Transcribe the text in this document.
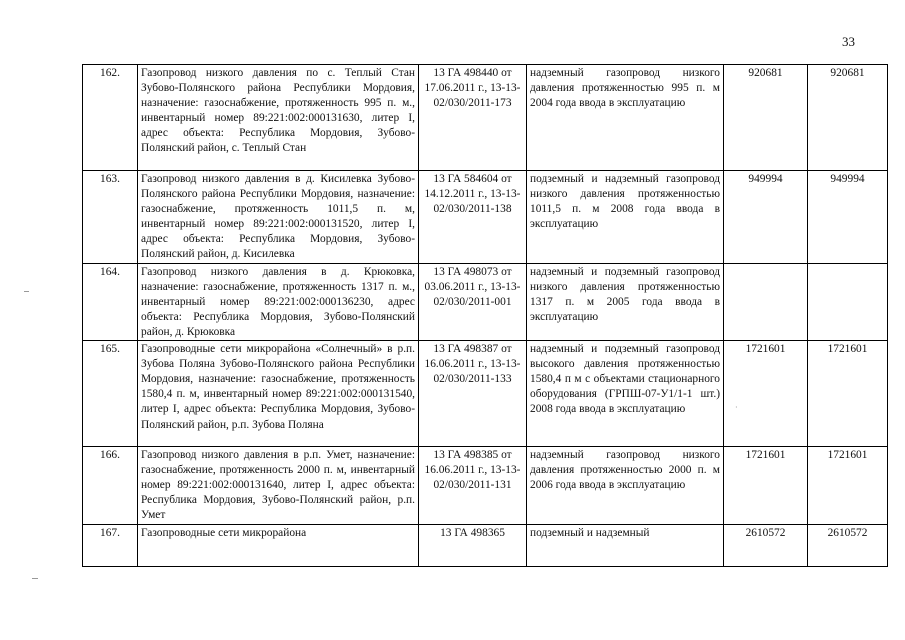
33
·
162.	Газопровод низкого давления по с. Теплый Стан Зубово-Полянского района Республики Мордовия, назначение: газоснабжение, протяженность 995 п. м., инвентарный номер 89:221:002:000131630, литер I, адрес объекта: Республика Мордовия, Зубово-Полянский район, с. Теплый Стан	13 ГА 498440 от 17.06.2011 г., 13-13-02/030/2011-173	надземный газопровод низкого давления протяженностью 995 п. м 2004 года ввода в эксплуатацию	920681	920681
163.	Газопровод низкого давления в д. Кисилевка Зубово-Полянского района Республики Мордовия, назначение: газоснабжение, протяженность 1011,5 п. м, инвентарный номер 89:221:002:000131520, литер I, адрес объекта: Республика Мордовия, Зубово-Полянский район, д. Кисилевка	13 ГА 584604 от 14.12.2011 г., 13-13-02/030/2011-138	подземный и надземный газопровод низкого давления протяженностью 1011,5 п. м 2008 года ввода в эксплуатацию	949994	949994
164.	Газопровод низкого давления в д. Крюковка, назначение: газоснабжение, протяженность 1317 п. м., инвентарный номер 89:221:002:000136230, адрес объекта: Республика Мордовия, Зубово-Полянский район, д. Крюковка	13 ГА 498073 от 03.06.2011 г., 13-13-02/030/2011-001	надземный и подземный газопровод низкого давления протяженностью 1317 п. м 2005 года ввода в эксплуатацию		
165.	Газопроводные сети микрорайона «Солнечный» в р.п. Зубова Поляна Зубово-Полянского района Республики Мордовия, назначение: газоснабжение, протяженность 1580,4 п. м, инвентарный номер 89:221:002:000131540, литер I, адрес объекта: Республика Мордовия, Зубово-Полянский район, р.п. Зубова Поляна	13 ГА 498387 от 16.06.2011 г., 13-13-02/030/2011-133	надземный и подземный газопровод высокого давления протяженностью 1580,4 п м с объектами стационарного оборудования (ГРПШ-07-У1/1-1 шт.) 2008 года ввода в эксплуатацию	1721601	1721601
166.	Газопровод низкого давления в р.п. Умет, назначение: газоснабжение, протяженность 2000 п. м, инвентарный номер 89:221:002:000131640, литер I, адрес объекта: Республика Мордовия, Зубово-Полянский район, р.п. Умет	13 ГА 498385 от 16.06.2011 г., 13-13-02/030/2011-131	надземный газопровод низкого давления протяженностью 2000 п. м 2006 года ввода в эксплуатацию	1721601	1721601
167.	Газопроводные сети микрорайона	13 ГА 498365	подземный и надземный	2610572	2610572
